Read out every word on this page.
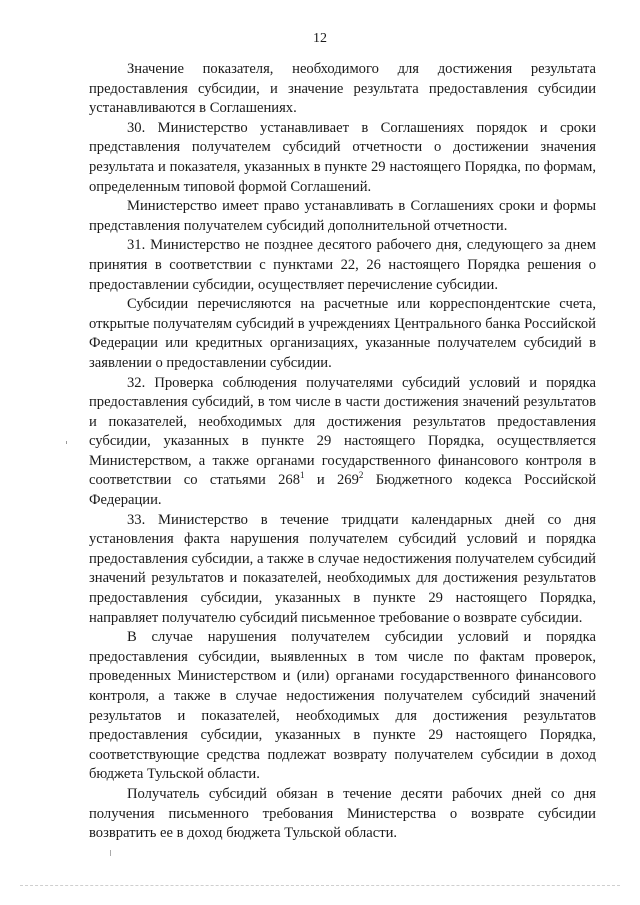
12

Значение показателя, необходимого для достижения результата предоставления субсидии, и значение результата предоставления субсидии устанавливаются в Соглашениях.

30. Министерство устанавливает в Соглашениях порядок и сроки представления получателем субсидий отчетности о достижении значения результата и показателя, указанных в пункте 29 настоящего Порядка, по формам, определенным типовой формой Соглашений.

Министерство имеет право устанавливать в Соглашениях сроки и формы представления получателем субсидий дополнительной отчетности.

31. Министерство не позднее десятого рабочего дня, следующего за днем принятия в соответствии с пунктами 22, 26 настоящего Порядка решения о предоставлении субсидии, осуществляет перечисление субсидии.

Субсидии перечисляются на расчетные или корреспондентские счета, открытые получателям субсидий в учреждениях Центрального банка Российской Федерации или кредитных организациях, указанные получателем субсидий в заявлении о предоставлении субсидии.

32. Проверка соблюдения получателями субсидий условий и порядка предоставления субсидий, в том числе в части достижения значений результатов и показателей, необходимых для достижения результатов предоставления субсидии, указанных в пункте 29 настоящего Порядка, осуществляется Министерством, а также органами государственного финансового контроля в соответствии со статьями $268^1$ и $269^2$ Бюджетного кодекса Российской Федерации.

33. Министерство в течение тридцати календарных дней со дня установления факта нарушения получателем субсидий условий и порядка предоставления субсидии, а также в случае недостижения получателем субсидий значений результатов и показателей, необходимых для достижения результатов предоставления субсидии, указанных в пункте 29 настоящего Порядка, направляет получателю субсидий письменное требование о возврате субсидии.

В случае нарушения получателем субсидии условий и порядка предоставления субсидии, выявленных в том числе по фактам проверок, проведенных Министерством и (или) органами государственного финансового контроля, а также в случае недостижения получателем субсидий значений результатов и показателей, необходимых для достижения результатов предоставления субсидии, указанных в пункте 29 настоящего Порядка, соответствующие средства подлежат возврату получателем субсидии в доход бюджета Тульской области.

Получатель субсидий обязан в течение десяти рабочих дней со дня получения письменного требования Министерства о возврате субсидии возвратить ее в доход бюджета Тульской области.
